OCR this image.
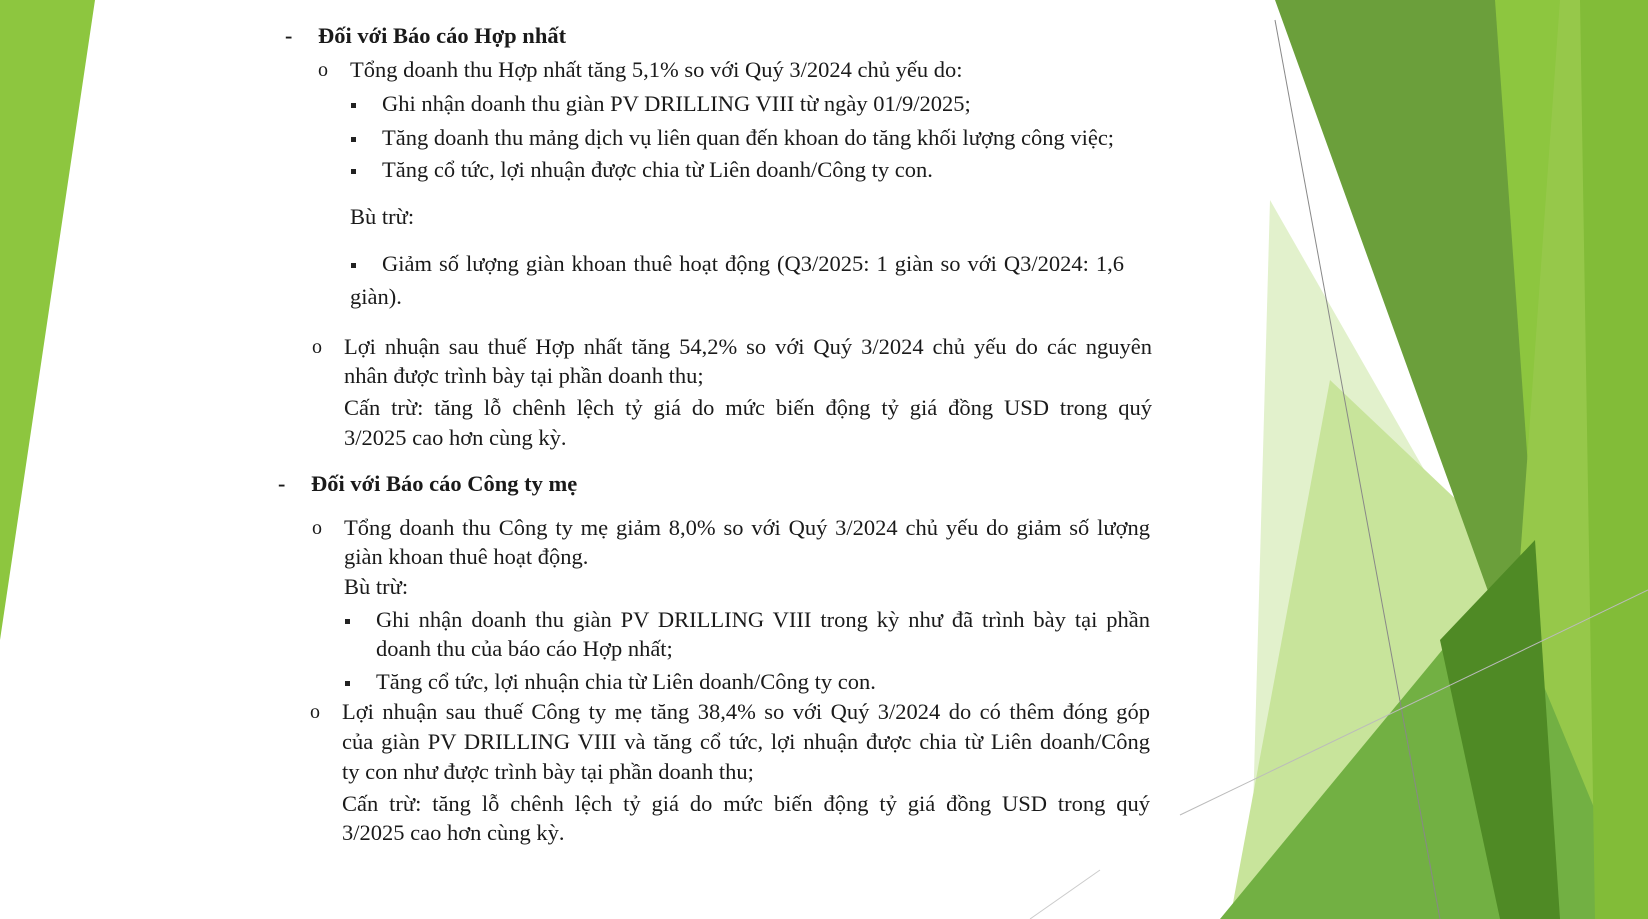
- Đối với Báo cáo Hợp nhất
o Tổng doanh thu Hợp nhất tăng 5,1% so với Quý 3/2024 chủ yếu do:
Ghi nhận doanh thu giàn PV DRILLING VIII từ ngày 01/9/2025;
Tăng doanh thu mảng dịch vụ liên quan đến khoan do tăng khối lượng công việc;
Tăng cổ tức, lợi nhuận được chia từ Liên doanh/Công ty con.
Bù trừ:
Giảm số lượng giàn khoan thuê hoạt động (Q3/2025: 1 giàn so với Q3/2024: 1,6
giàn).
o Lợi nhuận sau thuế Hợp nhất tăng 54,2% so với Quý 3/2024 chủ yếu do các nguyên
nhân được trình bày tại phần doanh thu;
Cấn trừ: tăng lỗ chênh lệch tỷ giá do mức biến động tỷ giá đồng USD trong quý
3/2025 cao hơn cùng kỳ.
- Đối với Báo cáo Công ty mẹ
o Tổng doanh thu Công ty mẹ giảm 8,0% so với Quý 3/2024 chủ yếu do giảm số lượng
giàn khoan thuê hoạt động.
Bù trừ:
Ghi nhận doanh thu giàn PV DRILLING VIII trong kỳ như đã trình bày tại phần
doanh thu của báo cáo Hợp nhất;
Tăng cổ tức, lợi nhuận chia từ Liên doanh/Công ty con.
o Lợi nhuận sau thuế Công ty mẹ tăng 38,4% so với Quý 3/2024 do có thêm đóng góp
của giàn PV DRILLING VIII và tăng cổ tức, lợi nhuận được chia từ Liên doanh/Công
ty con như được trình bày tại phần doanh thu;
Cấn trừ: tăng lỗ chênh lệch tỷ giá do mức biến động tỷ giá đồng USD trong quý
3/2025 cao hơn cùng kỳ.
